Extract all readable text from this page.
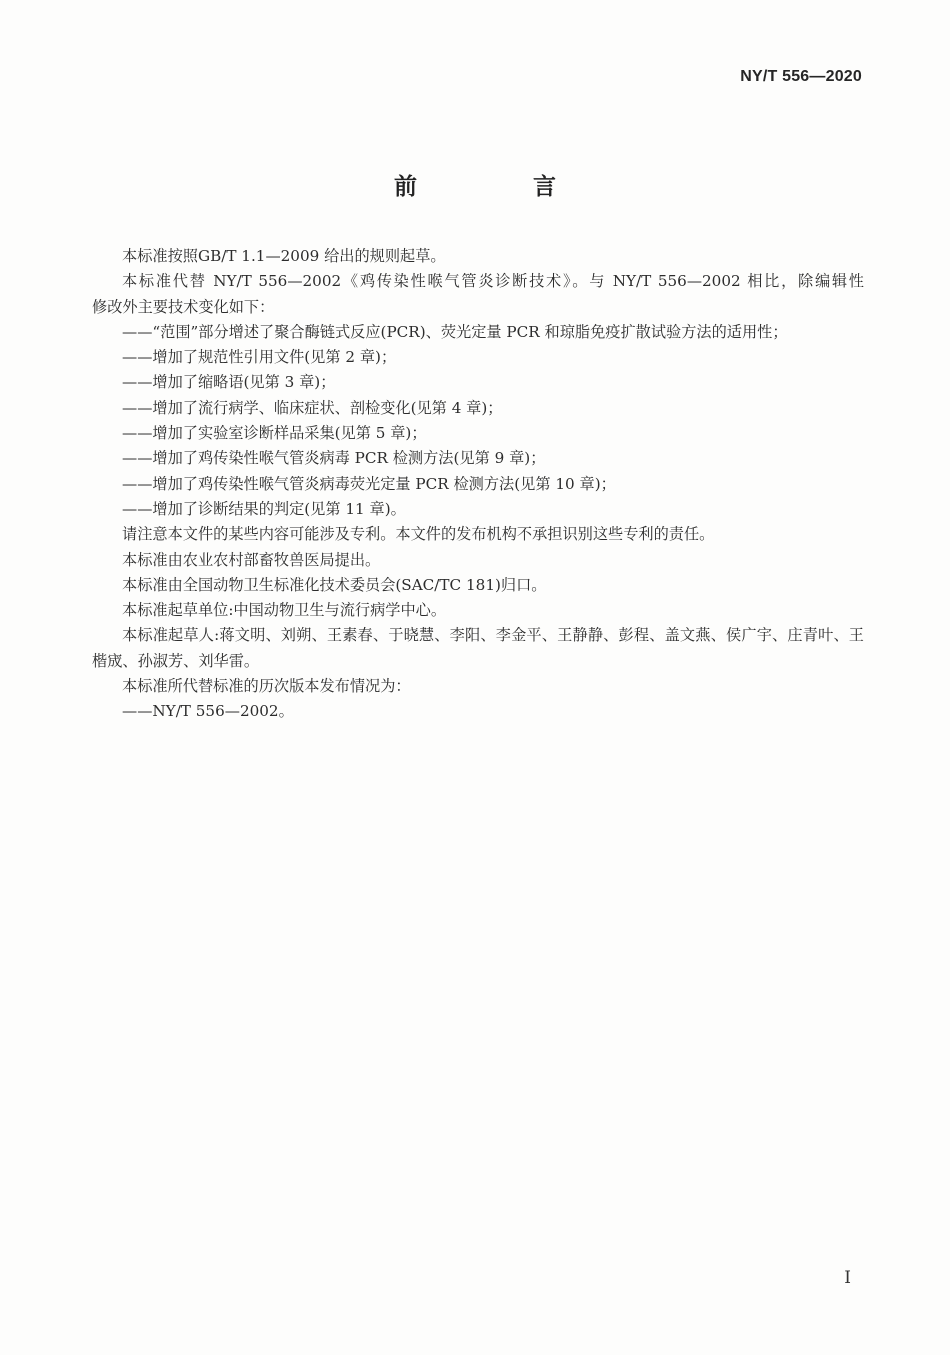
NY/T 556—2020
前 言
本标准按照GB/T 1.1—2009 给出的规则起草。
本标准代替 NY/T 556—2002《鸡传染性喉气管炎诊断技术》。与 NY/T 556—2002 相比，除编辑性
修改外主要技术变化如下：
——“范围”部分增述了聚合酶链式反应(PCR)、荧光定量 PCR 和琼脂免疫扩散试验方法的适用性；
——增加了规范性引用文件(见第 2 章)；
——增加了缩略语(见第 3 章)；
——增加了流行病学、临床症状、剖检变化(见第 4 章)；
——增加了实验室诊断样品采集(见第 5 章)；
——增加了鸡传染性喉气管炎病毒 PCR 检测方法(见第 9 章)；
——增加了鸡传染性喉气管炎病毒荧光定量 PCR 检测方法(见第 10 章)；
——增加了诊断结果的判定(见第 11 章)。
请注意本文件的某些内容可能涉及专利。本文件的发布机构不承担识别这些专利的责任。
本标准由农业农村部畜牧兽医局提出。
本标准由全国动物卫生标准化技术委员会(SAC/TC 181)归口。
本标准起草单位:中国动物卫生与流行病学中心。
本标准起草人:蒋文明、刘朔、王素春、于晓慧、李阳、李金平、王静静、彭程、盖文燕、侯广宇、庄青叶、王
楷宬、孙淑芳、刘华雷。
本标准所代替标准的历次版本发布情况为：
——NY/T 556—2002。
I
